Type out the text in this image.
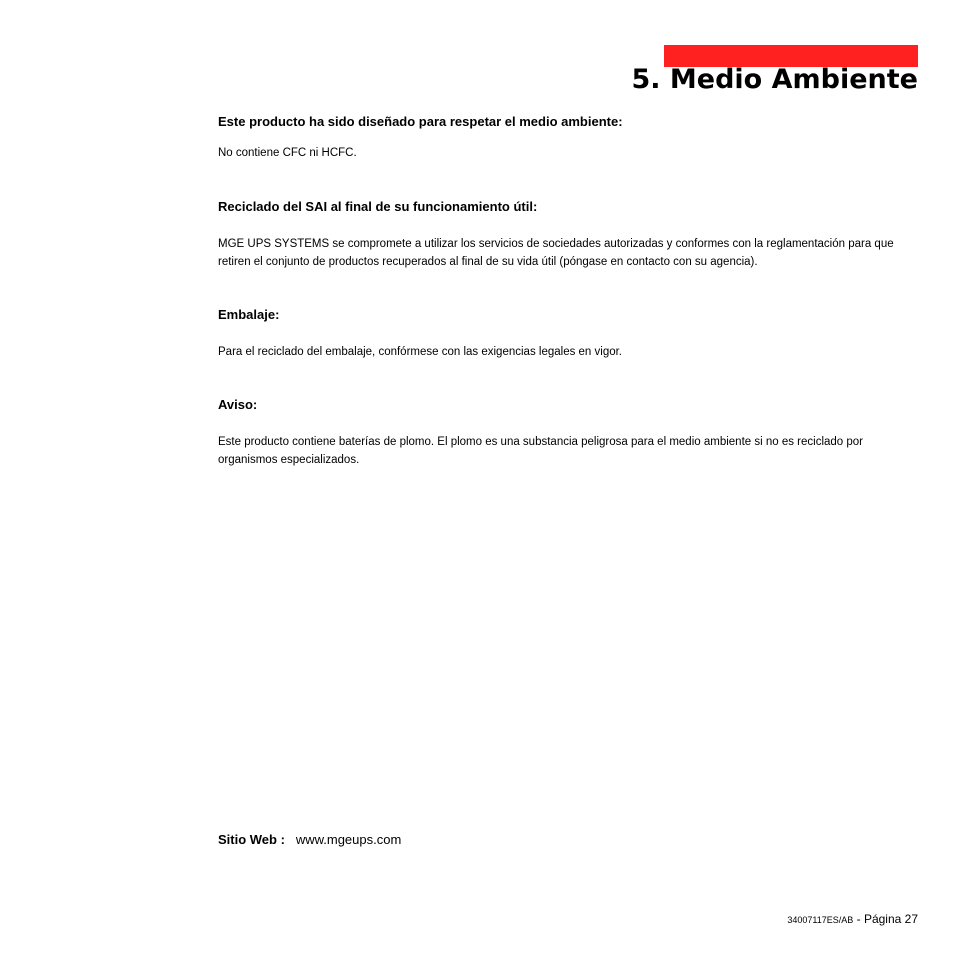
5. Medio Ambiente
Este producto ha sido diseñado para respetar el medio ambiente:

No contiene CFC ni HCFC.

Reciclado del SAI al final de su funcionamiento útil:

MGE UPS SYSTEMS se compromete a utilizar los servicios de sociedades autorizadas y conformes con la reglamentación para que retiren el conjunto de productos recuperados al final de su vida útil (póngase en contacto con su agencia).

Embalaje:

Para el reciclado del embalaje, confórmese con las exigencias legales en vigor.

Aviso:

Este producto contiene baterías de plomo. El plomo es una substancia peligrosa para el medio ambiente si no es reciclado por organismos especializados.

Sitio Web : www.mgeups.com
34007117ES/AB - Página 27
